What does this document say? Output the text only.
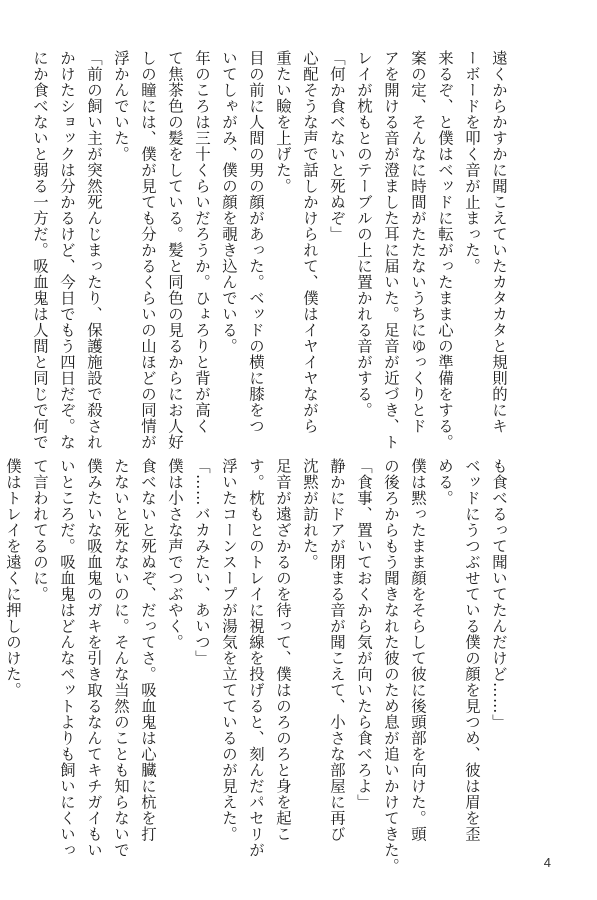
遠くからかすかに聞こえていたカタカタと規則的にキ
ーボードを叩く音が止まった。
来るぞ、と僕はベッドに転がったまま心の準備をする。
案の定、そんなに時間がたたないうちにゆっくりとド
アを開ける音が澄ました耳に届いた。足音が近づき、ト
レイが枕もとのテーブルの上に置かれる音がする。
「何か食べないと死ぬぞ」
心配そうな声で話しかけられて、僕はイヤイヤながら
重たい瞼を上げた。
目の前に人間の男の顔があった。ベッドの横に膝をつ
いてしゃがみ、僕の顔を覗き込んでいる。
年のころは三十くらいだろうか。ひょろりと背が高く
て焦茶色の髪をしている。髪と同色の見るからにお人好
しの瞳には、僕が見ても分かるくらいの山ほどの同情が
浮かんでいた。
「前の飼い主が突然死んじまったり、保護施設で殺され
かけたショックは分かるけど、今日でもう四日だぞ。な
にか食べないと弱る一方だ。吸血鬼は人間と同じで何で
も食べるって聞いてたんだけど……」
ベッドにうつぶせている僕の顔を見つめ、彼は眉を歪
める。
僕は黙ったまま顔をそらして彼に後頭部を向けた。頭
の後ろからもう聞きなれた彼のため息が追いかけてきた。
「食事、置いておくから気が向いたら食べろよ」
静かにドアが閉まる音が聞こえて、小さな部屋に再び
沈黙が訪れた。
足音が遠ざかるのを待って、僕はのろのろと身を起こ
す。枕もとのトレイに視線を投げると、刻んだパセリが
浮いたコーンスープが湯気を立てているのが見えた。
「……バカみたい、あいつ」
僕は小さな声でつぶやく。
食べないと死ぬぞ、だってさ。吸血鬼は心臓に杭を打
たないと死なないのに。そんな当然のことも知らないで
僕みたいな吸血鬼のガキを引き取るなんてキチガイもい
いところだ。吸血鬼はどんなペットよりも飼いにくいっ
て言われてるのに。
僕はトレイを遠くに押しのけた。
4
